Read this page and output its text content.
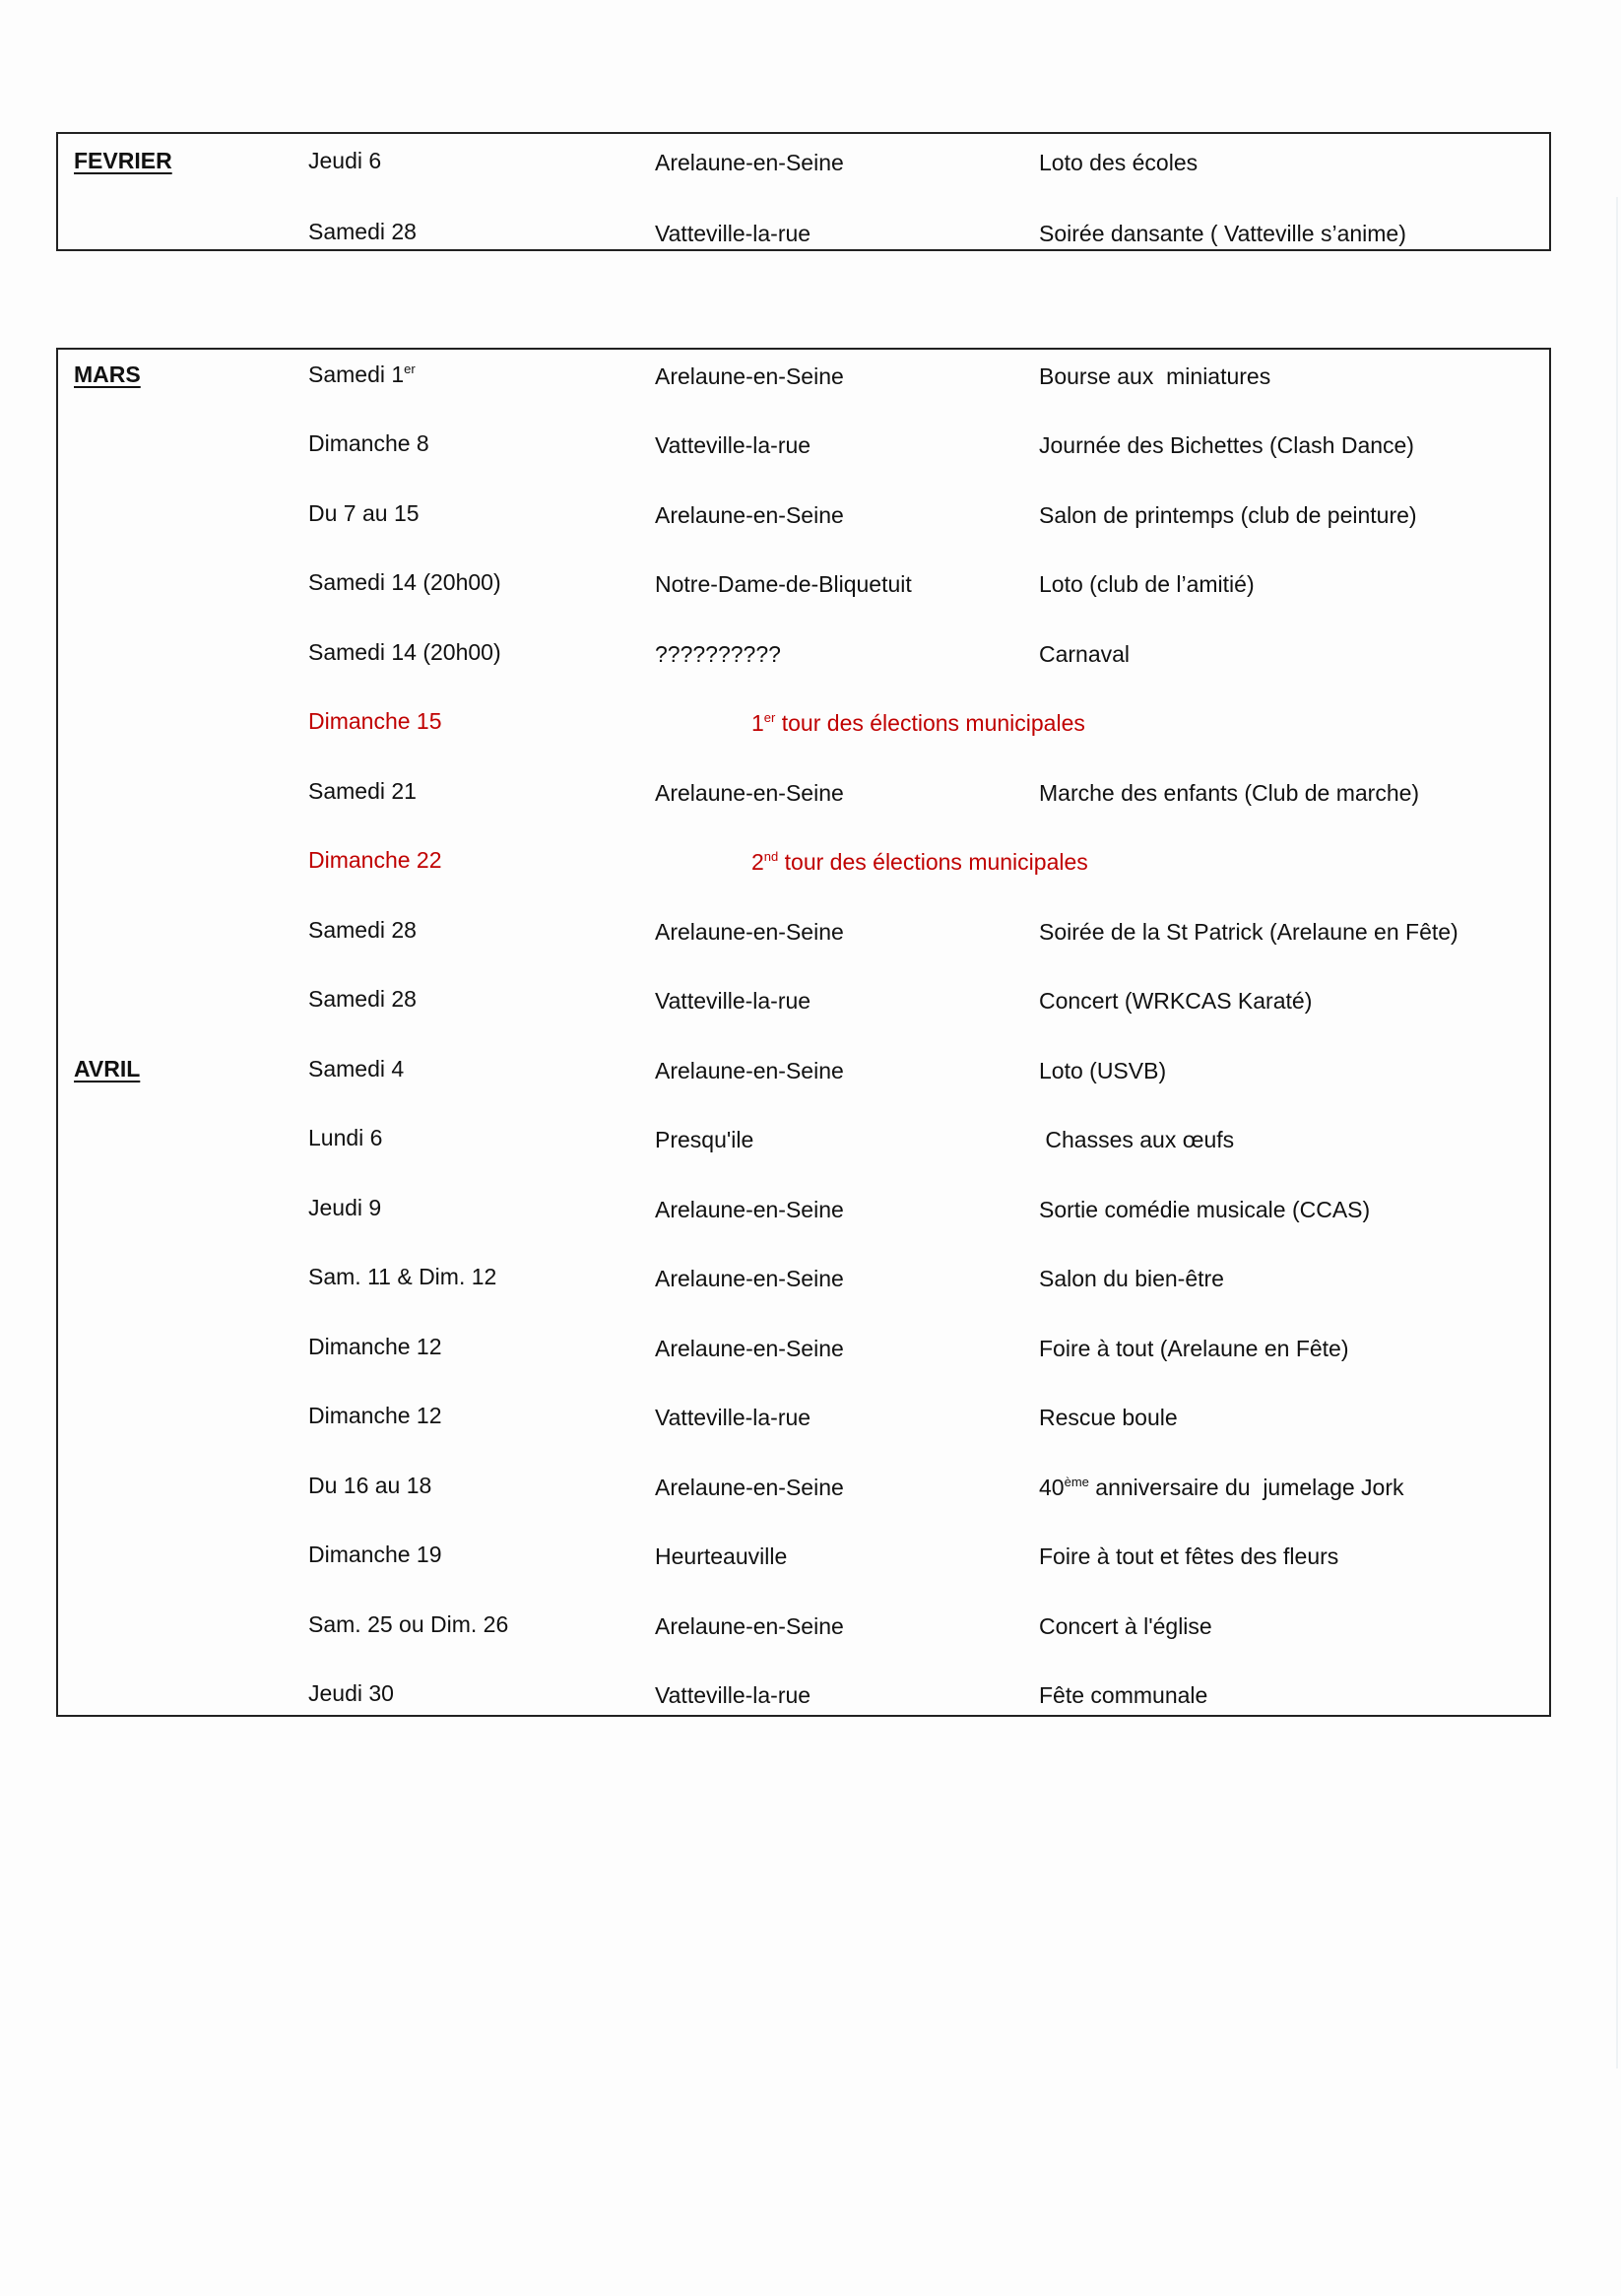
FEVRIER	Jeudi 6	Arelaune-en-Seine	Loto des écoles
Samedi 28	Vatteville-la-rue	Soirée dansante ( Vatteville s’anime)
MARS	Samedi 1er	Arelaune-en-Seine	Bourse aux  miniatures
Dimanche 8	Vatteville-la-rue	Journée des Bichettes (Clash Dance)
Du 7 au 15	Arelaune-en-Seine	Salon de printemps (club de peinture)
Samedi 14 (20h00)	Notre-Dame-de-Bliquetuit	Loto (club de l’amitié)
Samedi 14 (20h00)	??????????	Carnaval
Dimanche 15	1er tour des élections municipales
Samedi 21	Arelaune-en-Seine	Marche des enfants (Club de marche)
Dimanche 22	2nd tour des élections municipales
Samedi 28	Arelaune-en-Seine	Soirée de la St Patrick (Arelaune en Fête)
Samedi 28	Vatteville-la-rue	Concert (WRKCAS Karaté)
AVRIL	Samedi 4	Arelaune-en-Seine	Loto (USVB)
Lundi 6	Presqu'ile	Chasses aux œufs
Jeudi 9	Arelaune-en-Seine	Sortie comédie musicale (CCAS)
Sam. 11 & Dim. 12	Arelaune-en-Seine	Salon du bien-être
Dimanche 12	Arelaune-en-Seine	Foire à tout (Arelaune en Fête)
Dimanche 12	Vatteville-la-rue	Rescue boule
Du 16 au 18	Arelaune-en-Seine	40ème anniversaire du  jumelage Jork
Dimanche 19	Heurteauville	Foire à tout et fêtes des fleurs
Sam. 25 ou Dim. 26	Arelaune-en-Seine	Concert à l'église
Jeudi 30	Vatteville-la-rue	Fête communale
